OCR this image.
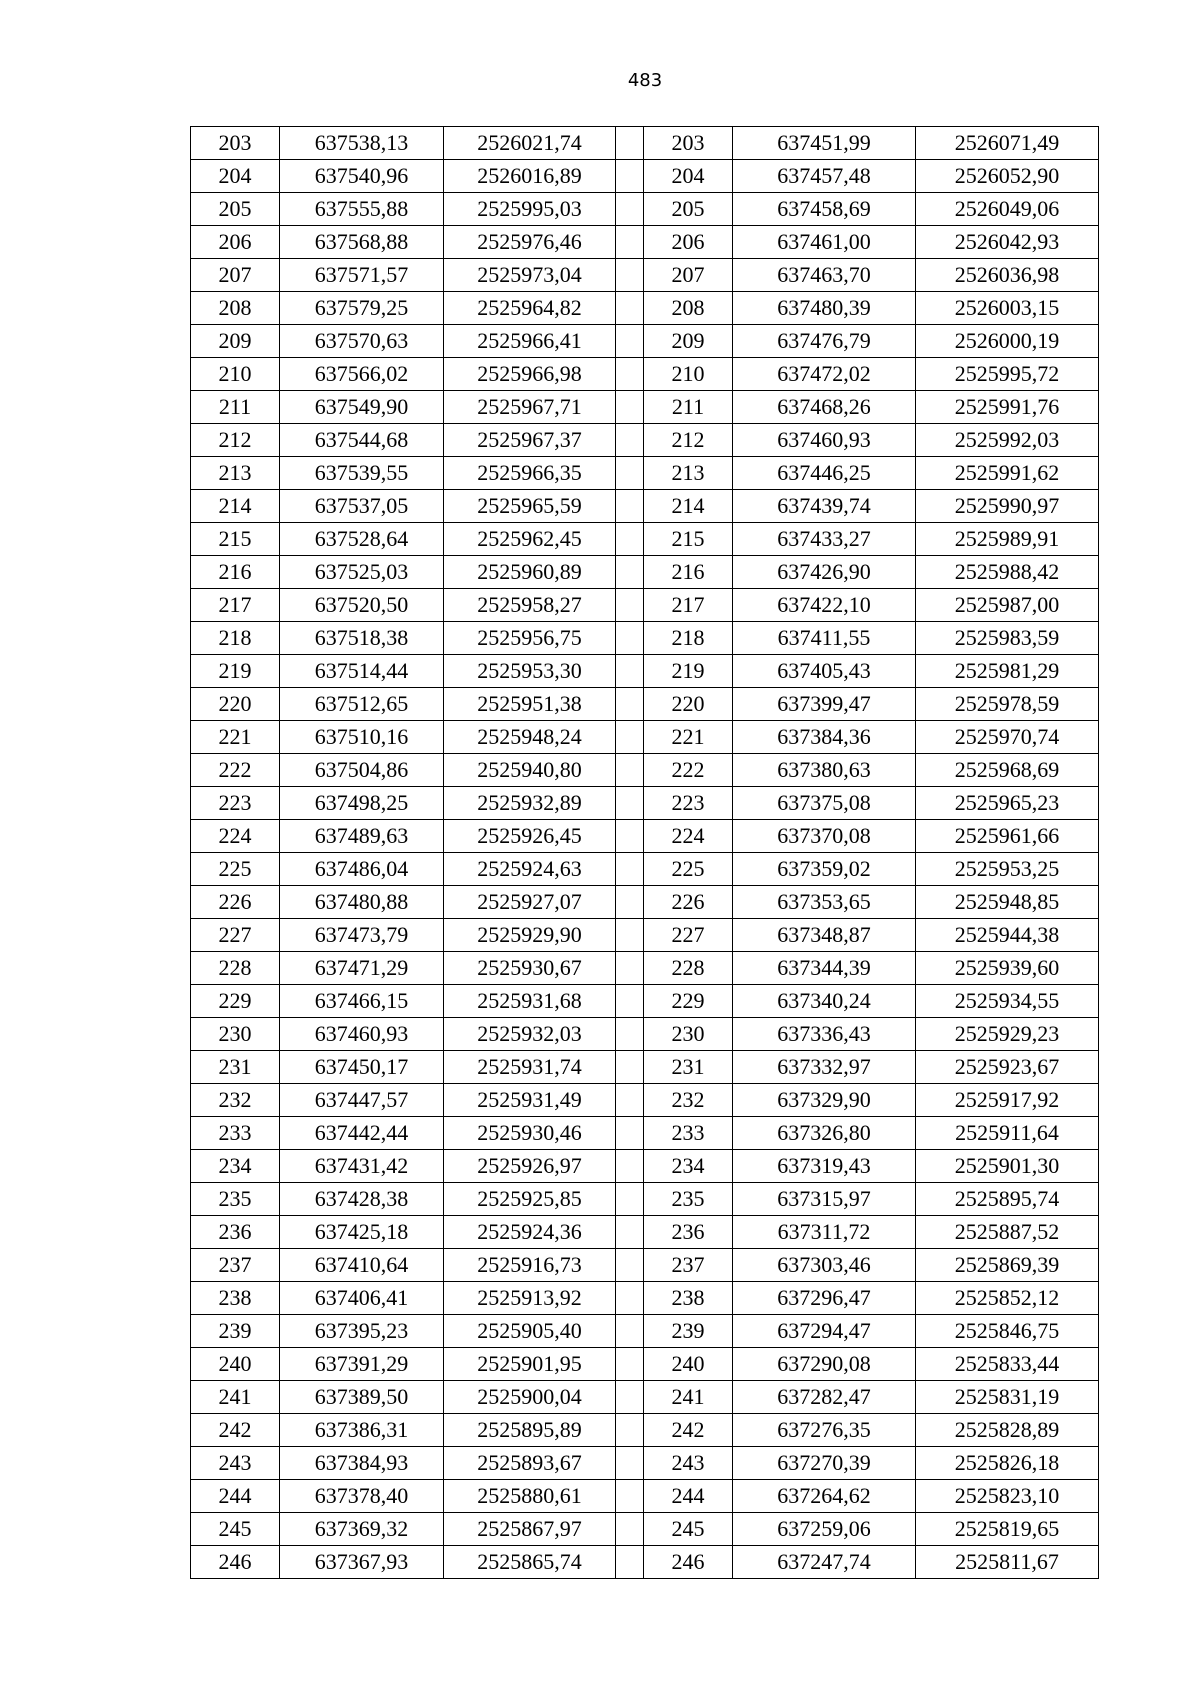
483
203	637538,13	2526021,74		203	637451,99	2526071,49
204	637540,96	2526016,89		204	637457,48	2526052,90
205	637555,88	2525995,03		205	637458,69	2526049,06
206	637568,88	2525976,46		206	637461,00	2526042,93
207	637571,57	2525973,04		207	637463,70	2526036,98
208	637579,25	2525964,82		208	637480,39	2526003,15
209	637570,63	2525966,41		209	637476,79	2526000,19
210	637566,02	2525966,98		210	637472,02	2525995,72
211	637549,90	2525967,71		211	637468,26	2525991,76
212	637544,68	2525967,37		212	637460,93	2525992,03
213	637539,55	2525966,35		213	637446,25	2525991,62
214	637537,05	2525965,59		214	637439,74	2525990,97
215	637528,64	2525962,45		215	637433,27	2525989,91
216	637525,03	2525960,89		216	637426,90	2525988,42
217	637520,50	2525958,27		217	637422,10	2525987,00
218	637518,38	2525956,75		218	637411,55	2525983,59
219	637514,44	2525953,30		219	637405,43	2525981,29
220	637512,65	2525951,38		220	637399,47	2525978,59
221	637510,16	2525948,24		221	637384,36	2525970,74
222	637504,86	2525940,80		222	637380,63	2525968,69
223	637498,25	2525932,89		223	637375,08	2525965,23
224	637489,63	2525926,45		224	637370,08	2525961,66
225	637486,04	2525924,63		225	637359,02	2525953,25
226	637480,88	2525927,07		226	637353,65	2525948,85
227	637473,79	2525929,90		227	637348,87	2525944,38
228	637471,29	2525930,67		228	637344,39	2525939,60
229	637466,15	2525931,68		229	637340,24	2525934,55
230	637460,93	2525932,03		230	637336,43	2525929,23
231	637450,17	2525931,74		231	637332,97	2525923,67
232	637447,57	2525931,49		232	637329,90	2525917,92
233	637442,44	2525930,46		233	637326,80	2525911,64
234	637431,42	2525926,97		234	637319,43	2525901,30
235	637428,38	2525925,85		235	637315,97	2525895,74
236	637425,18	2525924,36		236	637311,72	2525887,52
237	637410,64	2525916,73		237	637303,46	2525869,39
238	637406,41	2525913,92		238	637296,47	2525852,12
239	637395,23	2525905,40		239	637294,47	2525846,75
240	637391,29	2525901,95		240	637290,08	2525833,44
241	637389,50	2525900,04		241	637282,47	2525831,19
242	637386,31	2525895,89		242	637276,35	2525828,89
243	637384,93	2525893,67		243	637270,39	2525826,18
244	637378,40	2525880,61		244	637264,62	2525823,10
245	637369,32	2525867,97		245	637259,06	2525819,65
246	637367,93	2525865,74		246	637247,74	2525811,67
